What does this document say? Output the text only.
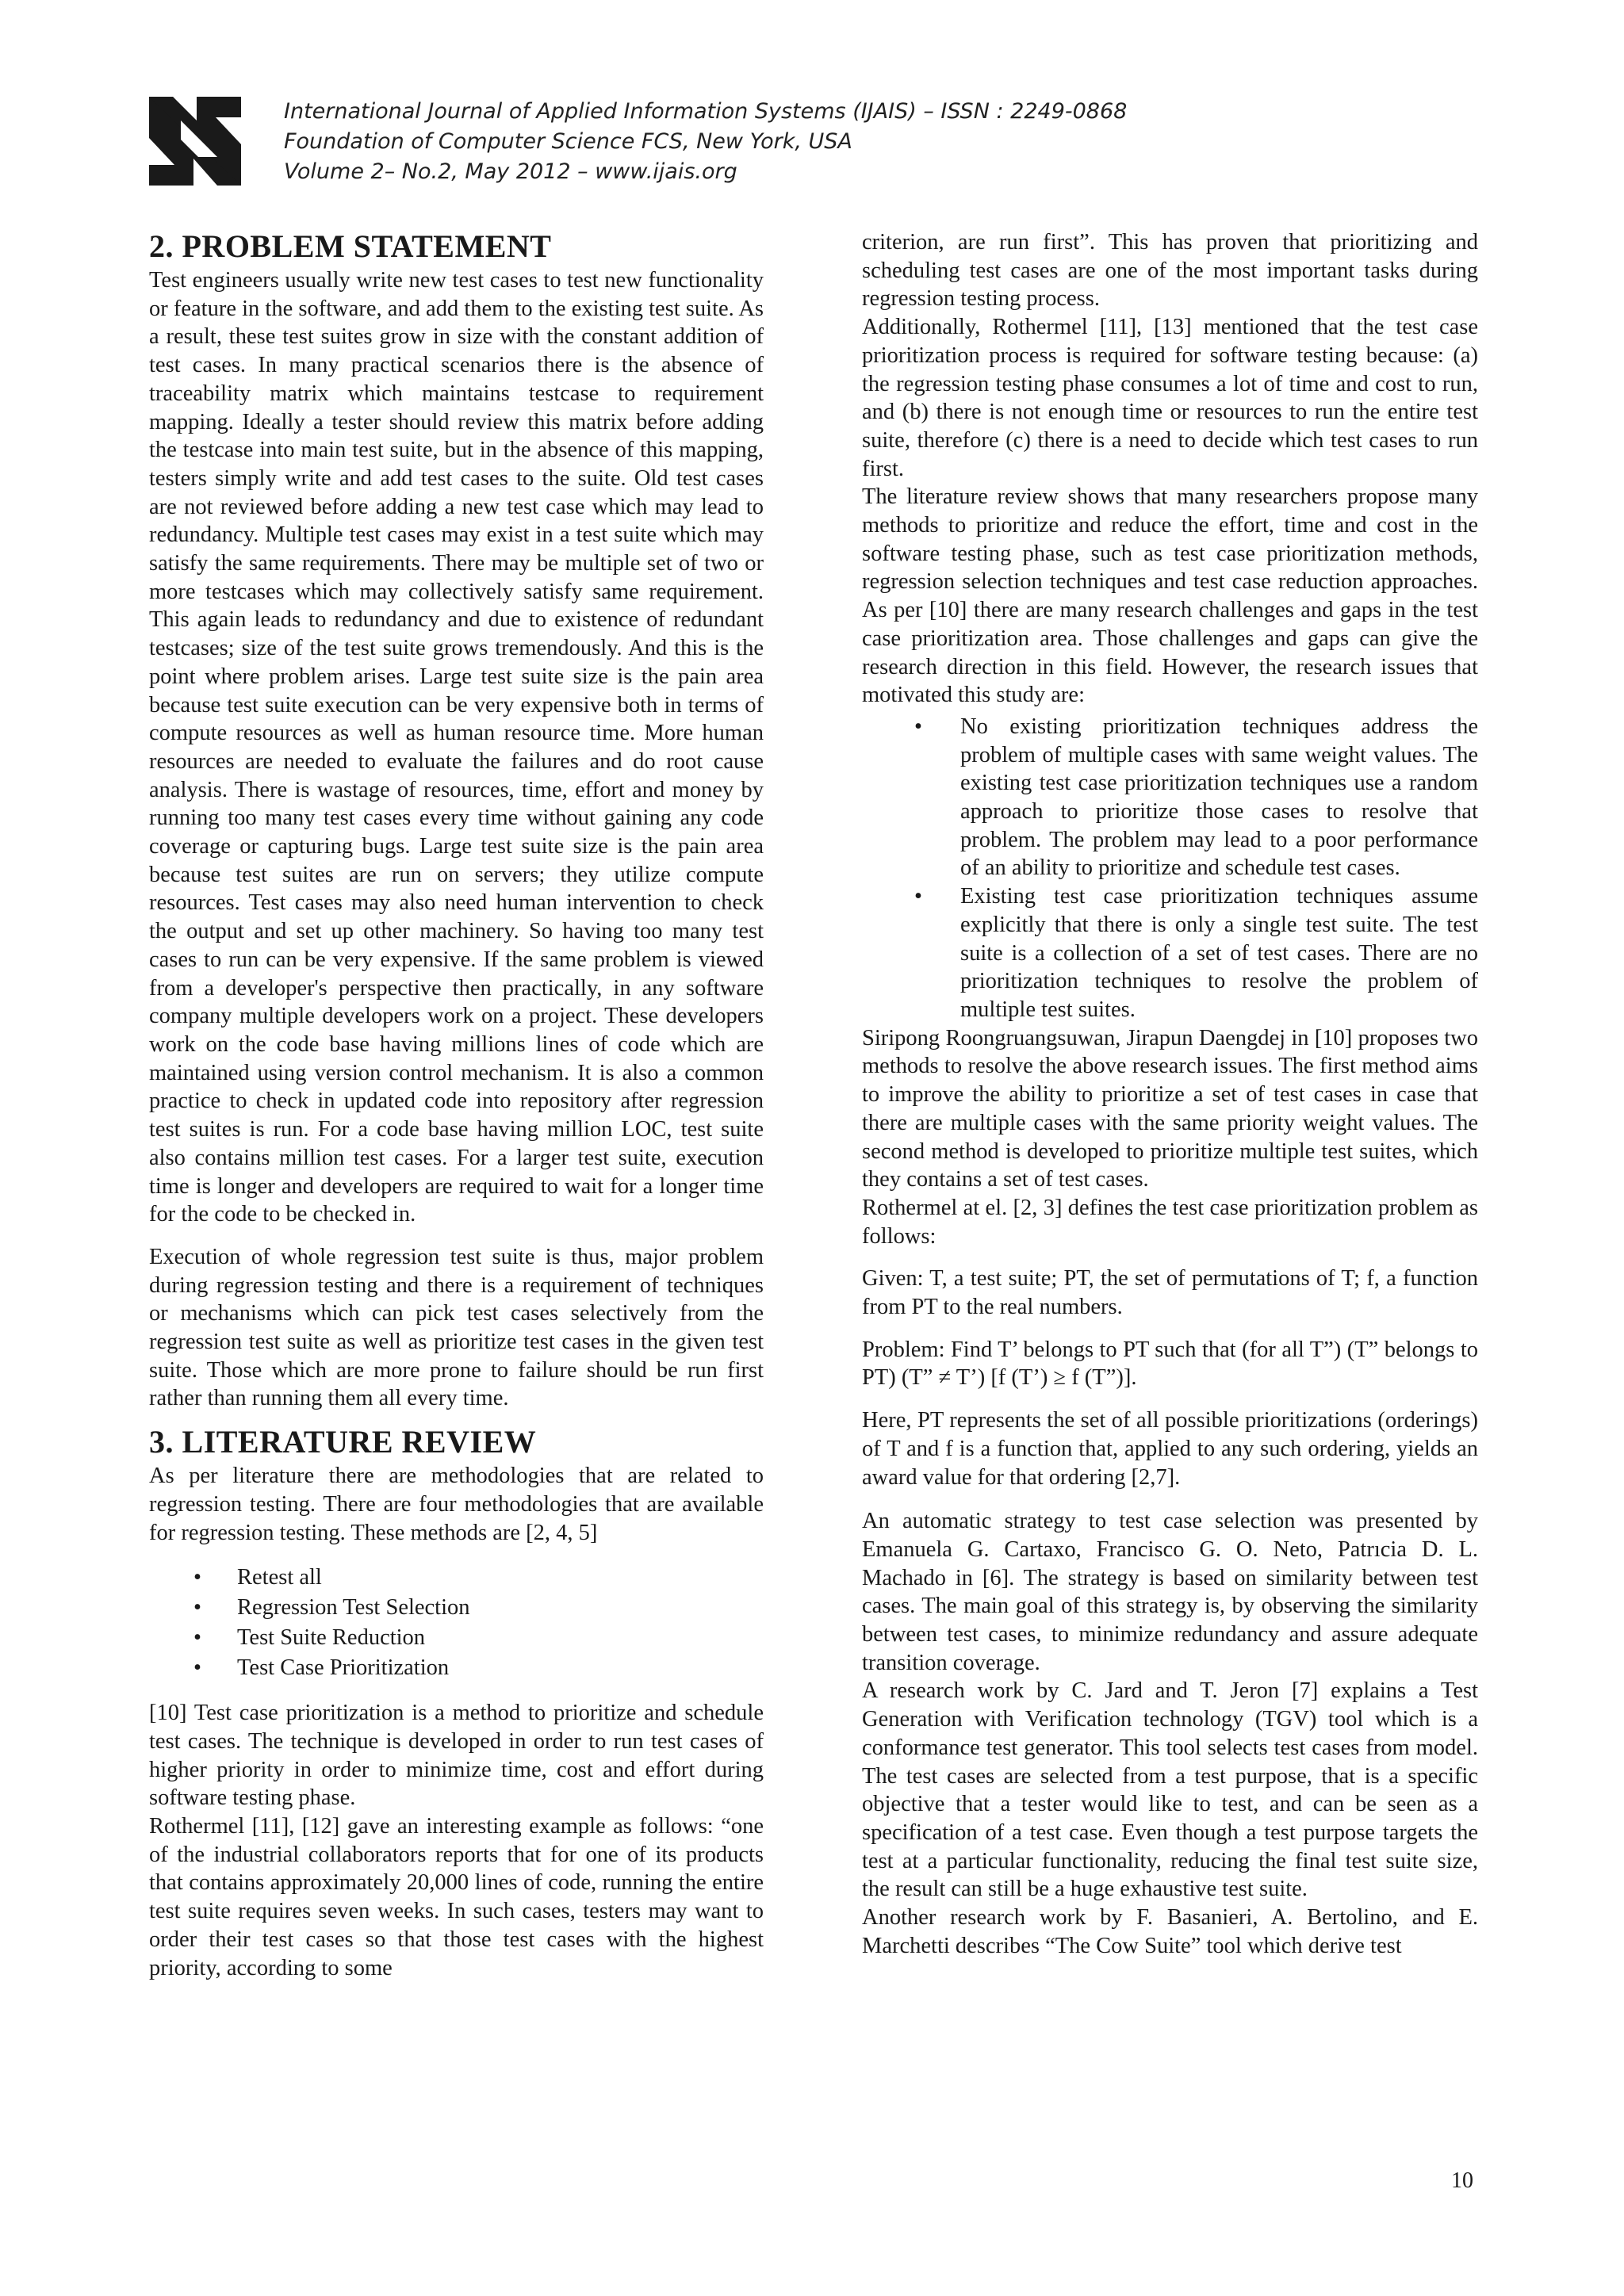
International Journal of Applied Information Systems (IJAIS) – ISSN : 2249-0868
Foundation of Computer Science FCS, New York, USA
Volume 2– No.2, May 2012 – www.ijais.org
2. PROBLEM STATEMENT

Test engineers usually write new test cases to test new functionality or feature in the software, and add them to the existing test suite. As a result, these test suites grow in size with the constant addition of test cases. In many practical scenarios there is the absence of traceability matrix which maintains testcase to requirement mapping. Ideally a tester should review this matrix before adding the testcase into main test suite, but in the absence of this mapping, testers simply write and add test cases to the suite. Old test cases are not reviewed before adding a new test case which may lead to redundancy. Multiple test cases may exist in a test suite which may satisfy the same requirements. There may be multiple set of two or more testcases which may collectively satisfy same requirement. This again leads to redundancy and due to existence of redundant testcases; size of the test suite grows tremendously. And this is the point where problem arises. Large test suite size is the pain area because test suite execution can be very expensive both in terms of compute resources as well as human resource time. More human resources are needed to evaluate the failures and do root cause analysis. There is wastage of resources, time, effort and money by running too many test cases every time without gaining any code coverage or capturing bugs. Large test suite size is the pain area because test suites are run on servers; they utilize compute resources. Test cases may also need human intervention to check the output and set up other machinery. So having too many test cases to run can be very expensive. If the same problem is viewed from a developer's perspective then practically, in any software company multiple developers work on a project. These developers work on the code base having millions lines of code which are maintained using version control mechanism. It is also a common practice to check in updated code into repository after regression test suites is run. For a code base having million LOC, test suite also contains million test cases. For a larger test suite, execution time is longer and developers are required to wait for a longer time for the code to be checked in.

Execution of whole regression test suite is thus, major problem during regression testing and there is a requirement of techniques or mechanisms which can pick test cases selectively from the regression test suite as well as prioritize test cases in the given test suite. Those which are more prone to failure should be run first rather than running them all every time.

3. LITERATURE REVIEW

As per literature there are methodologies that are related to regression testing. There are four methodologies that are available for regression testing. These methods are [2, 4, 5]

• Retest all
• Regression Test Selection
• Test Suite Reduction
• Test Case Prioritization

[10] Test case prioritization is a method to prioritize and schedule test cases. The technique is developed in order to run test cases of higher priority in order to minimize time, cost and effort during software testing phase.

Rothermel [11], [12] gave an interesting example as follows: “one of the industrial collaborators reports that for one of its products that contains approximately 20,000 lines of code, running the entire test suite requires seven weeks. In such cases, testers may want to order their test cases so that those test cases with the highest priority, according to some

criterion, are run first”. This has proven that prioritizing and scheduling test cases are one of the most important tasks during regression testing process.

Additionally, Rothermel [11], [13] mentioned that the test case prioritization process is required for software testing because: (a) the regression testing phase consumes a lot of time and cost to run, and (b) there is not enough time or resources to run the entire test suite, therefore (c) there is a need to decide which test cases to run first.

The literature review shows that many researchers propose many methods to prioritize and reduce the effort, time and cost in the software testing phase, such as test case prioritization methods, regression selection techniques and test case reduction approaches. As per [10] there are many research challenges and gaps in the test case prioritization area. Those challenges and gaps can give the research direction in this field. However, the research issues that motivated this study are:

• No existing prioritization techniques address the problem of multiple cases with same weight values. The existing test case prioritization techniques use a random approach to prioritize those cases to resolve that problem. The problem may lead to a poor performance of an ability to prioritize and schedule test cases.
• Existing test case prioritization techniques assume explicitly that there is only a single test suite. The test suite is a collection of a set of test cases. There are no prioritization techniques to resolve the problem of multiple test suites.

Siripong Roongruangsuwan, Jirapun Daengdej in [10] proposes two methods to resolve the above research issues. The first method aims to improve the ability to prioritize a set of test cases in case that there are multiple cases with the same priority weight values. The second method is developed to prioritize multiple test suites, which they contains a set of test cases.

Rothermel at el. [2, 3] defines the test case prioritization problem as follows:

Given: T, a test suite; PT, the set of permutations of T; f, a function from PT to the real numbers.

Problem: Find T’ belongs to PT such that (for all T”) (T” belongs to PT) (T” ≠ T’) [f (T’) ≥ f (T”)].

Here, PT represents the set of all possible prioritizations (orderings) of T and f is a function that, applied to any such ordering, yields an award value for that ordering [2,7].

An automatic strategy to test case selection was presented by Emanuela G. Cartaxo, Francisco G. O. Neto, Patrıcia D. L. Machado in [6]. The strategy is based on similarity between test cases. The main goal of this strategy is, by observing the similarity between test cases, to minimize redundancy and assure adequate transition coverage.

A research work by C. Jard and T. Jeron [7] explains a Test Generation with Verification technology (TGV) tool which is a conformance test generator. This tool selects test cases from model. The test cases are selected from a test purpose, that is a specific objective that a tester would like to test, and can be seen as a specification of a test case. Even though a test purpose targets the test at a particular functionality, reducing the final test suite size, the result can still be a huge exhaustive test suite.

Another research work by F. Basanieri, A. Bertolino, and E. Marchetti describes “The Cow Suite” tool which derive test

10
